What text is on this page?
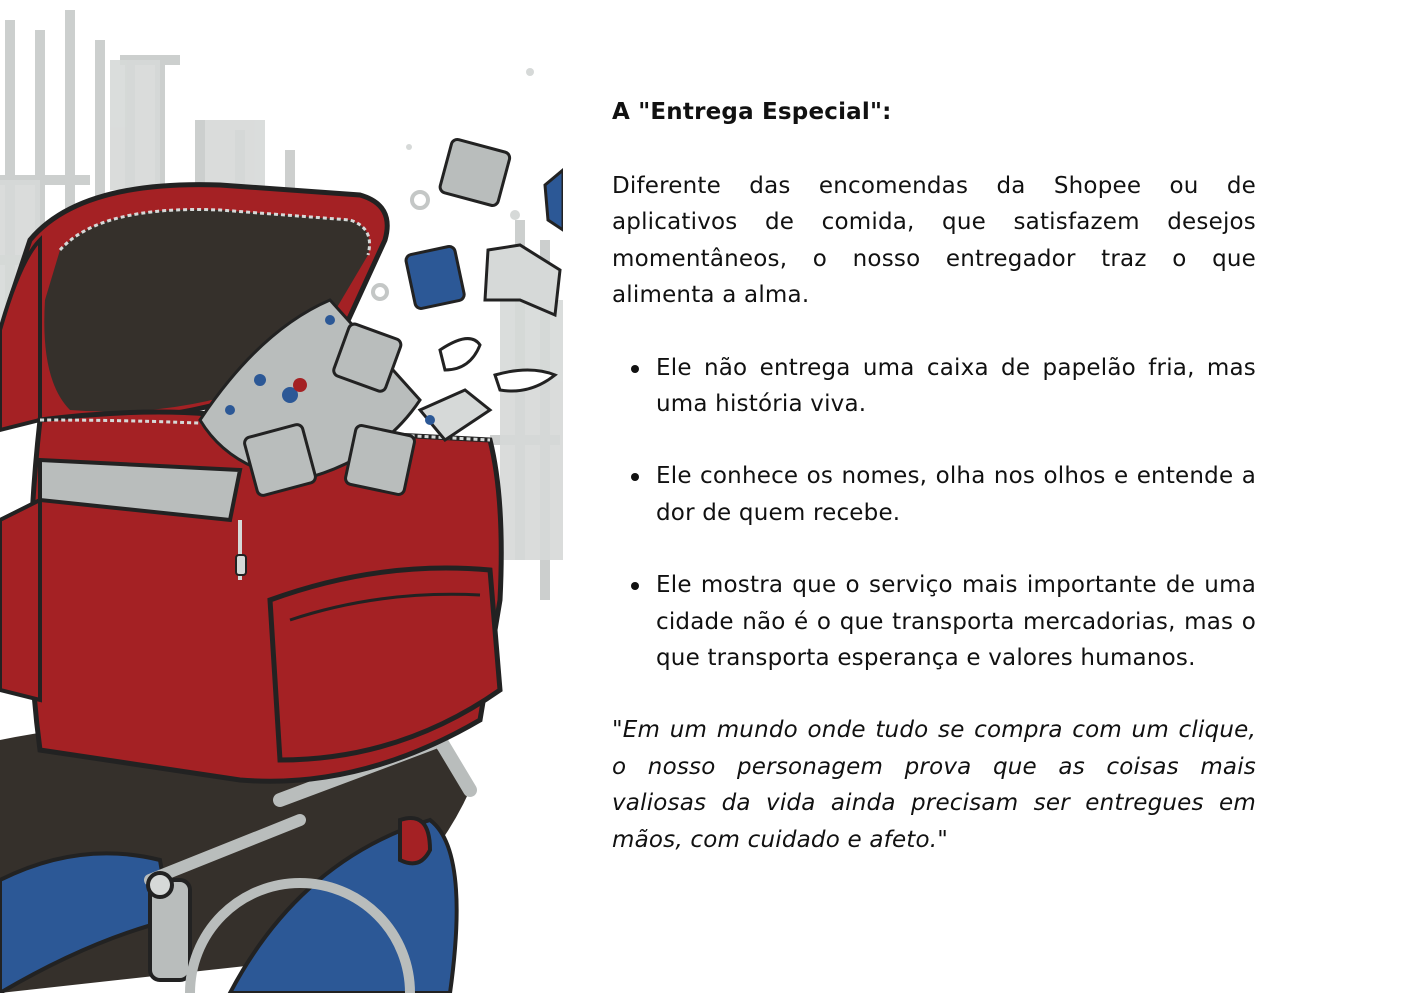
A "Entrega Especial":

Diferente das encomendas da Shopee ou de aplicativos de comida, que satisfazem desejos momentâneos, o nosso entregador traz o que alimenta a alma.

Ele não entrega uma caixa de papelão fria, mas uma história viva.
Ele conhece os nomes, olha nos olhos e entende a dor de quem recebe.
Ele mostra que o serviço mais importante de uma cidade não é o que transporta mercadorias, mas o que transporta esperança e valores humanos.

"Em um mundo onde tudo se compra com um clique, o nosso personagem prova que as coisas mais valiosas da vida ainda precisam ser entregues em mãos, com cuidado e afeto."
